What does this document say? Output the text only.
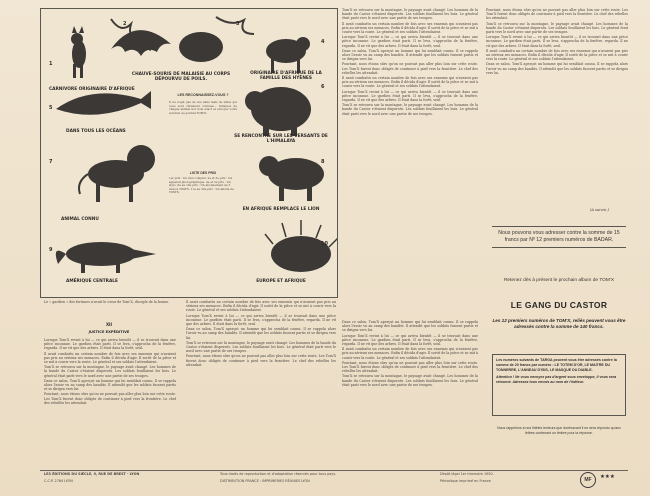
1
2	3
4
5
6
7	8
9
10
CHAUVE-SOURIS DE MALAISIE AU CORPS DÉPOURVU DE POILS.
ORIGINAIRE D'AFRIQUE DE LA FAMILLE DES HYÈNES
CARNIVORE ORIGINAIRE D'AFRIQUE
DANS TOUS LES OCÉANS
SE RENCONTRE SUR LES VERSANTS DE L'HIMALAYA
ANIMAL CONNU
EN AFRIQUE REMPLACE LE LION
AMÉRIQUE CENTRALE	EUROPE ET AFRIQUE
LES RECONNAISSEZ-VOUS ?
Il ne s'agit pas de nos amis mais de bêtes qui vous sont sûrement connues... Indiquez de chaque animal son nom exact et envoyez votre solution au journal TOM'X.
LISTE DES PRIX
1er prix : Un étui complet. 2e et 3e prix : Un appareil photographique. 4e et 5e prix : Un stylo. 6e au 10e prix : Un abonnement de 3 mois à TOM'X. 11e au 30e prix : Un album de TOM'X.
Le « gardien » des fortunes n'avait le cœur de Tom'X, disciple de la bonne.
XII
JUSTICE EXPÉDITIVE

Lorsque Tom'X revint à lui — ce qui arriva bientôt — il se trouvait dans une pièce inconnue. Le gardien était parti. Il se leva, s'approcha de la fenêtre, regarda. Il ne vit que des arbres. Il était dans la forêt, seul.

Il avait combattu un certain nombre de fois avec ses ennemis qui n'avaient pas pris au sérieux ses menaces. Enfin il décida d'agir. Il sortit de la pièce et se mit à courir vers la route. Le général et ses soldats l'attendaient.

Tom'X se retrouva sur la montagne, le paysage avait changé. Les hommes de la bande du Castor s'étaient dispersés. Les soldats fouillaient les bois. Le général était parti vers le nord avec une partie de ses troupes.

Dans ce salon, Tom'X aperçut un homme qui lui semblait connu. Il se rappela alors l'avoir vu au camp des bandits. Il attendit que les soldats fussent partis et se dirigea vers lui.

Pourtant, nous étions sûrs qu'on ne pouvait pas aller plus loin sur cette route. Les Tom'X furent donc obligés de continuer à pied vers la frontière. Le chef des rebelles les attendait.

Il avait combattu un certain nombre de fois avec ses ennemis qui n'avaient pas pris au sérieux ses menaces. Enfin il décida d'agir. Il sortit de la pièce et se mit à courir vers la route. Le général et ses soldats l'attendaient.

Lorsque Tom'X revint à lui — ce qui arriva bientôt — il se trouvait dans une pièce inconnue. Le gardien était parti. Il se leva, s'approcha de la fenêtre, regarda. Il ne vit que des arbres. Il était dans la forêt, seul.

Dans ce salon, Tom'X aperçut un homme qui lui semblait connu. Il se rappela alors l'avoir vu au camp des bandits. Il attendit que les soldats fussent partis et se dirigea vers lui.

Tom'X se retrouva sur la montagne, le paysage avait changé. Les hommes de la bande du Castor s'étaient dispersés. Les soldats fouillaient les bois. Le général était parti vers le nord avec une partie de ses troupes.

Pourtant, nous étions sûrs qu'on ne pouvait pas aller plus loin sur cette route. Les Tom'X furent donc obligés de continuer à pied vers la frontière. Le chef des rebelles les attendait.

Tom'X se retrouva sur la montagne, le paysage avait changé. Les hommes de la bande du Castor s'étaient dispersés. Les soldats fouillaient les bois. Le général était parti vers le nord avec une partie de ses troupes.

Il avait combattu un certain nombre de fois avec ses ennemis qui n'avaient pas pris au sérieux ses menaces. Enfin il décida d'agir. Il sortit de la pièce et se mit à courir vers la route. Le général et ses soldats l'attendaient.

Lorsque Tom'X revint à lui — ce qui arriva bientôt — il se trouvait dans une pièce inconnue. Le gardien était parti. Il se leva, s'approcha de la fenêtre, regarda. Il ne vit que des arbres. Il était dans la forêt, seul.

Dans ce salon, Tom'X aperçut un homme qui lui semblait connu. Il se rappela alors l'avoir vu au camp des bandits. Il attendit que les soldats fussent partis et se dirigea vers lui.

Pourtant, nous étions sûrs qu'on ne pouvait pas aller plus loin sur cette route. Les Tom'X furent donc obligés de continuer à pied vers la frontière. Le chef des rebelles les attendait.

Il avait combattu un certain nombre de fois avec ses ennemis qui n'avaient pas pris au sérieux ses menaces. Enfin il décida d'agir. Il sortit de la pièce et se mit à courir vers la route. Le général et ses soldats l'attendaient.

Lorsque Tom'X revint à lui — ce qui arriva bientôt — il se trouvait dans une pièce inconnue. Le gardien était parti. Il se leva, s'approcha de la fenêtre, regarda. Il ne vit que des arbres. Il était dans la forêt, seul.

Tom'X se retrouva sur la montagne, le paysage avait changé. Les hommes de la bande du Castor s'étaient dispersés. Les soldats fouillaient les bois. Le général était parti vers le nord avec une partie de ses troupes.

Dans ce salon, Tom'X aperçut un homme qui lui semblait connu. Il se rappela alors l'avoir vu au camp des bandits. Il attendit que les soldats fussent partis et se dirigea vers lui.

Lorsque Tom'X revint à lui — ce qui arriva bientôt — il se trouvait dans une pièce inconnue. Le gardien était parti. Il se leva, s'approcha de la fenêtre, regarda. Il ne vit que des arbres. Il était dans la forêt, seul.

Il avait combattu un certain nombre de fois avec ses ennemis qui n'avaient pas pris au sérieux ses menaces. Enfin il décida d'agir. Il sortit de la pièce et se mit à courir vers la route. Le général et ses soldats l'attendaient.

Pourtant, nous étions sûrs qu'on ne pouvait pas aller plus loin sur cette route. Les Tom'X furent donc obligés de continuer à pied vers la frontière. Le chef des rebelles les attendait.

Tom'X se retrouva sur la montagne, le paysage avait changé. Les hommes de la bande du Castor s'étaient dispersés. Les soldats fouillaient les bois. Le général était parti vers le nord avec une partie de ses troupes.

Pourtant, nous étions sûrs qu'on ne pouvait pas aller plus loin sur cette route. Les Tom'X furent donc obligés de continuer à pied vers la frontière. Le chef des rebelles les attendait.

Tom'X se retrouva sur la montagne, le paysage avait changé. Les hommes de la bande du Castor s'étaient dispersés. Les soldats fouillaient les bois. Le général était parti vers le nord avec une partie de ses troupes.

Lorsque Tom'X revint à lui — ce qui arriva bientôt — il se trouvait dans une pièce inconnue. Le gardien était parti. Il se leva, s'approcha de la fenêtre, regarda. Il ne vit que des arbres. Il était dans la forêt, seul.

Il avait combattu un certain nombre de fois avec ses ennemis qui n'avaient pas pris au sérieux ses menaces. Enfin il décida d'agir. Il sortit de la pièce et se mit à courir vers la route. Le général et ses soldats l'attendaient.

Dans ce salon, Tom'X aperçut un homme qui lui semblait connu. Il se rappela alors l'avoir vu au camp des bandits. Il attendit que les soldats fussent partis et se dirigea vers lui.

(A suivre.)
Nous pouvons vous adresser contre la somme de 15 francs par Nº 12 premiers numéros de BADAR.
Retenez dès à présent le prochain album de TOM'X
LE GANG DU CASTOR
Les 12 premiers numéros de TOM'X, reliés peuvent vous être adressés contre la somme de 140 francs.
Les numéros suivants de TARGA peuvent vous être adressés contre la somme de 20 francs par numéro : LE TOTEM D'OR, LE MAITRE DU TONNERRE, L'ANNEAU D'ISIS, LE MASQUE DU DIABLE.
Attention ! Ne vous envoyez pas d'argent sous enveloppe, il vous sera retourné. Adressez tous envois au nom de l'éditeur.
Nous rappelons à nos fidèles lecteurs que dorénavant il ne sera répondu qu'aux lettres contenant un timbre pour la réponse.
LES ÉDITIONS DU SIÈCLE, 9, RUE DE BREST - LYON
C.C.P. 2764 LYON
Tous droits de reproduction et d'adaptation réservés pour tous pays.
DISTRIBUTION FRANCE : IMPRIMERIES RÉUNIES LYON
Dépôt légal 1er trimestre 1950.
Périodique imprimé en France	MF ★★★
